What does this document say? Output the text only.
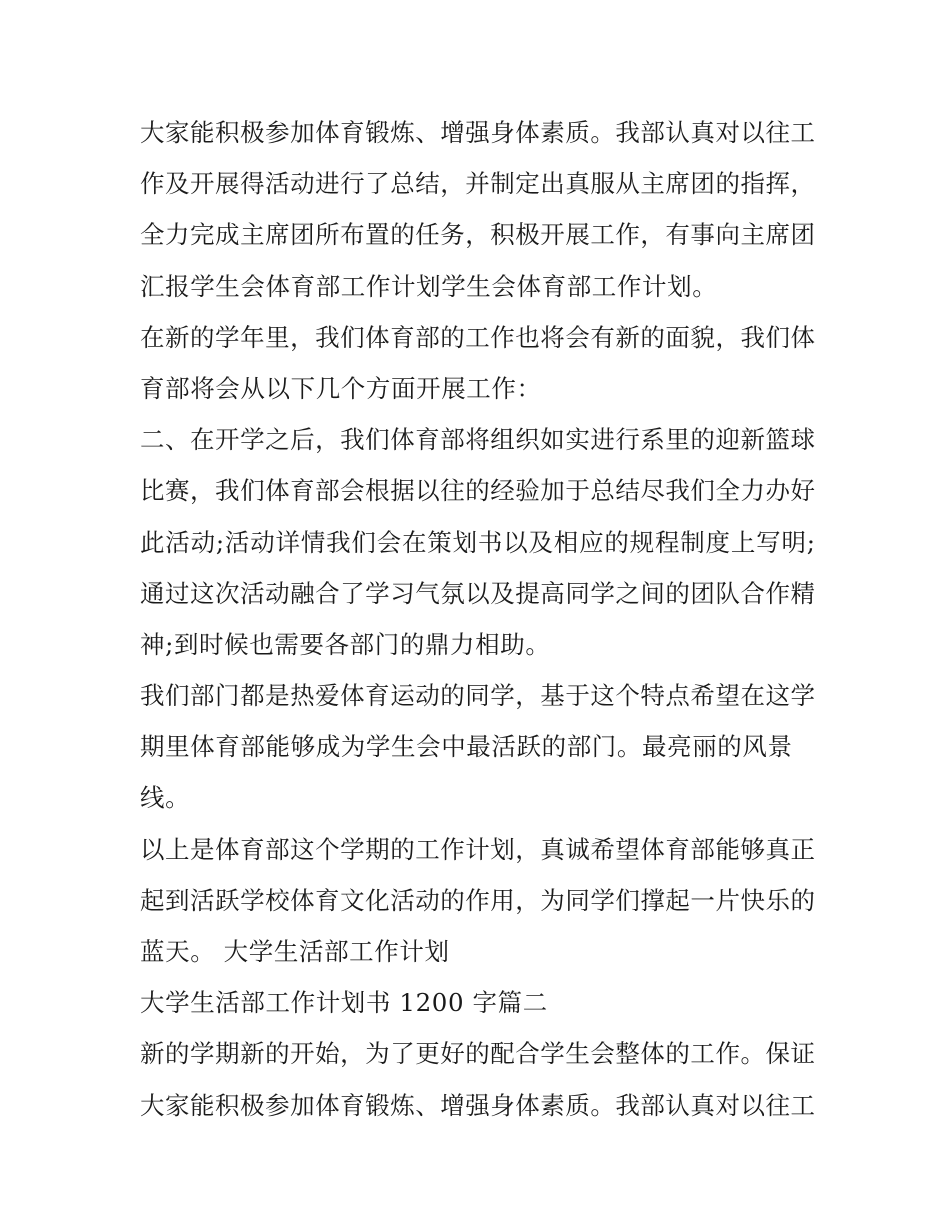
大家能积极参加体育锻炼、增强身体素质。我部认真对以往工
作及开展得活动进行了总结，并制定出真服从主席团的指挥，
全力完成主席团所布置的任务，积极开展工作，有事向主席团
汇报学生会体育部工作计划学生会体育部工作计划。
在新的学年里，我们体育部的工作也将会有新的面貌，我们体
育部将会从以下几个方面开展工作：
二、在开学之后，我们体育部将组织如实进行系里的迎新篮球
比赛，我们体育部会根据以往的经验加于总结尽我们全力办好
此活动;活动详情我们会在策划书以及相应的规程制度上写明;
通过这次活动融合了学习气氛以及提高同学之间的团队合作精
神;到时候也需要各部门的鼎力相助。
我们部门都是热爱体育运动的同学，基于这个特点希望在这学
期里体育部能够成为学生会中最活跃的部门。最亮丽的风景
线。
以上是体育部这个学期的工作计划，真诚希望体育部能够真正
起到活跃学校体育文化活动的作用，为同学们撑起一片快乐的
蓝天。 大学生活部工作计划
大学生活部工作计划书 1200 字篇二
新的学期新的开始，为了更好的配合学生会整体的工作。保证
大家能积极参加体育锻炼、增强身体素质。我部认真对以往工
